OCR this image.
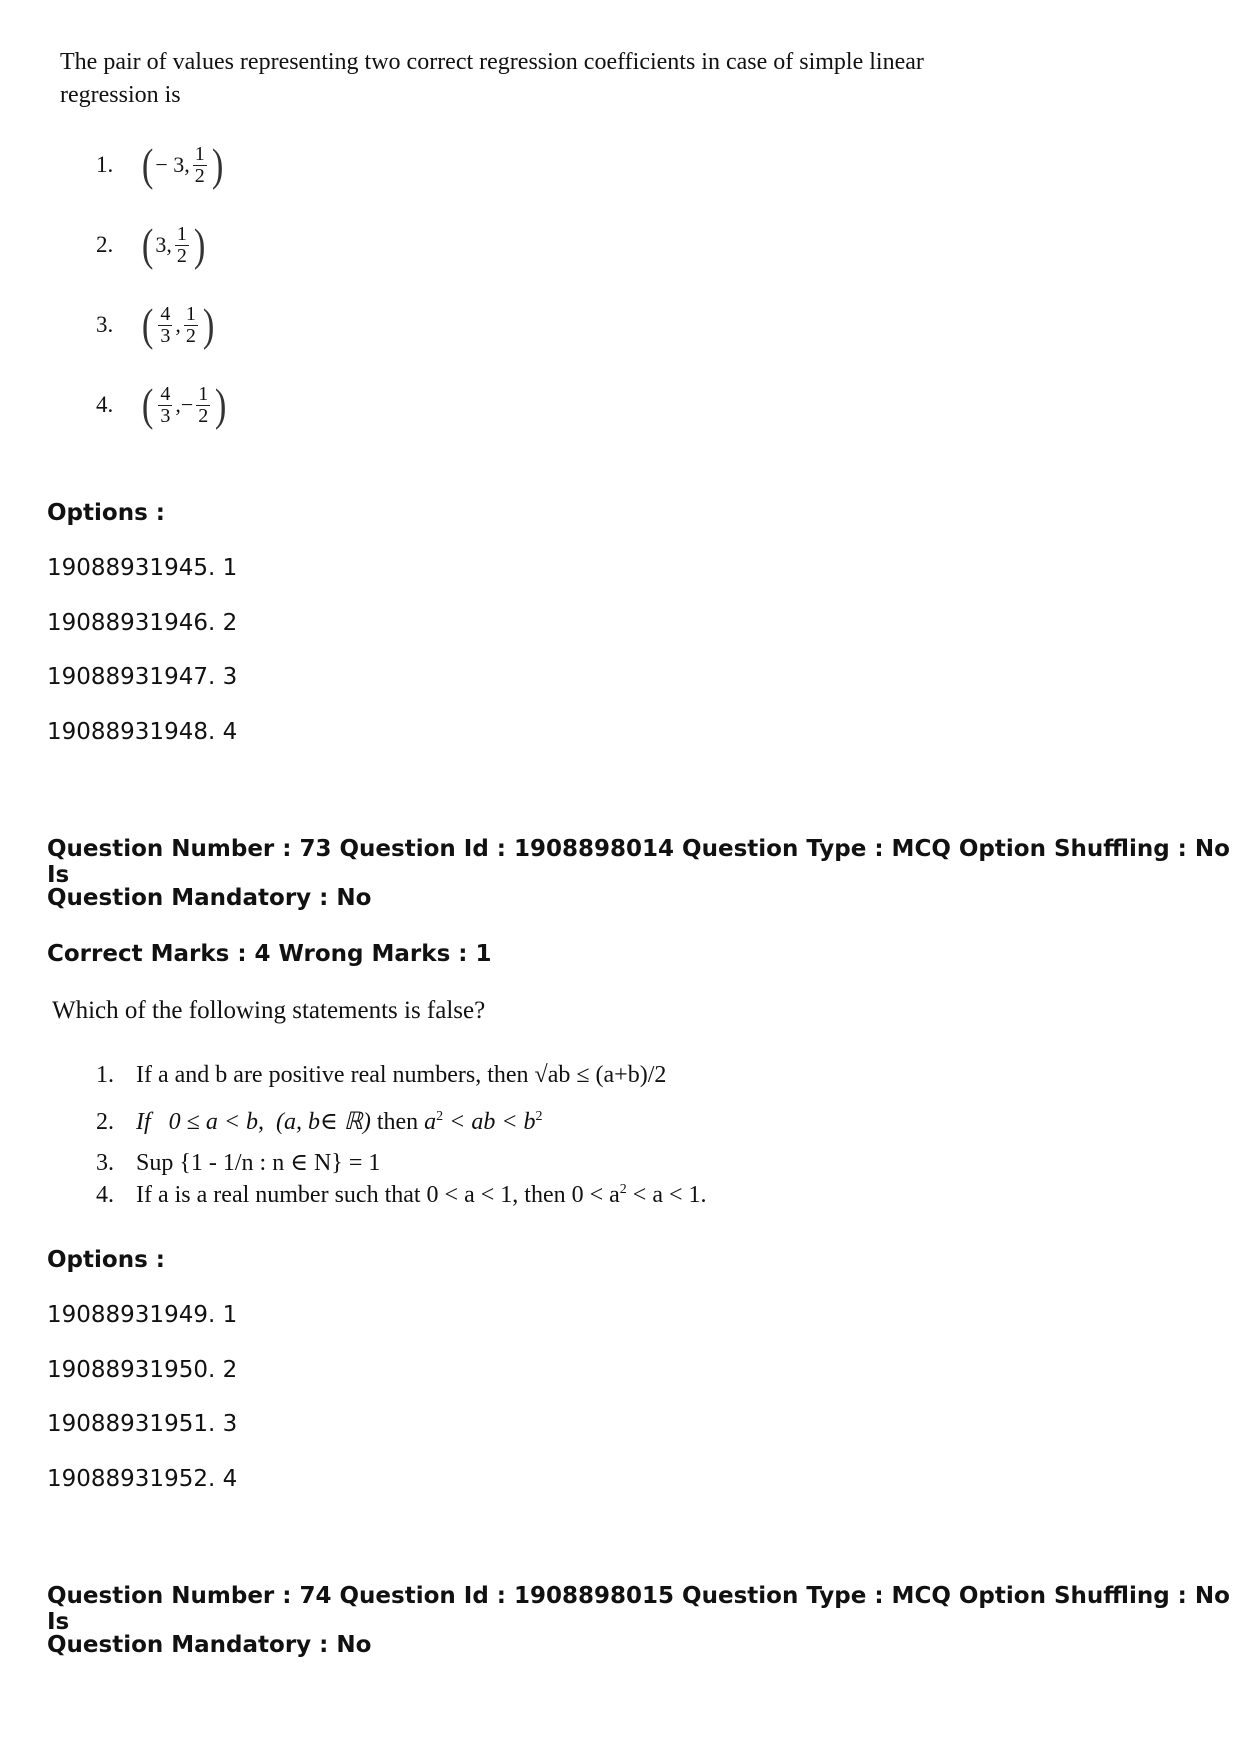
The pair of values representing two correct regression coefficients in case of simple linear
regression is
1. ( − 3, $\frac{1}{2}$ )
2. ( 3, $\frac{1}{2}$ )
3. ( $\frac{4}{3}$ , $\frac{1}{2}$ )
4. ( $\frac{4}{3}$ , − $\frac{1}{2}$ )
Options :
19088931945. 1
19088931946. 2
19088931947. 3
19088931948. 4
Question Number : 73 Question Id : 1908898014 Question Type : MCQ Option Shuffling : No Is
Question Mandatory : No
Correct Marks : 4 Wrong Marks : 1
Which of the following statements is false?
1. If a and b are positive real numbers, then √ab ≤ (a+b)/2
2. If 0 ≤ a < b, (a, b∈ ℝ) then $a^2$ < ab < $b^2$
3. Sup {1 - 1/n : n ∈ N} = 1
4. If a is a real number such that 0 < a < 1, then $0 < a^2 < a < 1$.
Options :
19088931949. 1
19088931950. 2
19088931951. 3
19088931952. 4
Question Number : 74 Question Id : 1908898015 Question Type : MCQ Option Shuffling : No Is
Question Mandatory : No
